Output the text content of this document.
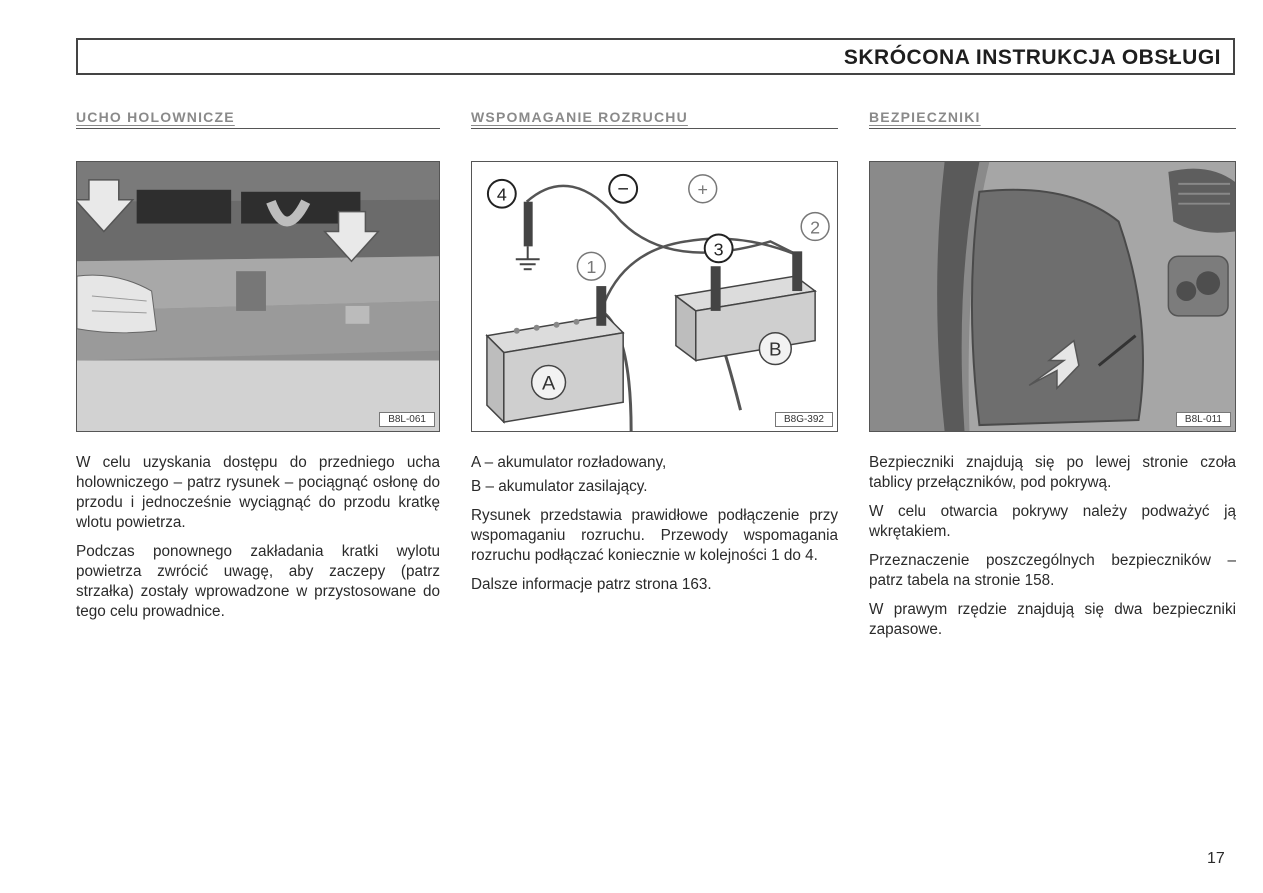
SKRÓCONA INSTRUKCJA OBSŁUGI
UCHO HOLOWNICZE
B8L-061

W celu uzyskania dostępu do przedniego ucha holowniczego – patrz rysunek – pociągnąć osłonę do przodu i jednocześnie wyciągnąć do przodu kratkę wlotu powietrza.

Podczas ponownego zakładania kratki wylotu powietrza zwrócić uwagę, aby zaczepy (patrz strzałka) zostały wprowadzone w przystosowane do tego celu prowadnice.

WSPOMAGANIE ROZRUCHU
A
B
4	−	+
2
1
3
B8G-392

A – akumulator rozładowany,

B – akumulator zasilający.

Rysunek przedstawia prawidłowe podłączenie przy wspomaganiu rozruchu. Przewody wspomagania rozruchu podłączać koniecznie w kolejności 1 do 4.

Dalsze informacje patrz strona 163.

BEZPIECZNIKI
B8L-011

Bezpieczniki znajdują się po lewej stronie czoła tablicy przełączników, pod pokrywą.

W celu otwarcia pokrywy należy podważyć ją wkrętakiem.

Przeznaczenie poszczególnych bezpieczników – patrz tabela na stronie 158.

W prawym rzędzie znajdują się dwa bezpieczniki zapasowe.

17
